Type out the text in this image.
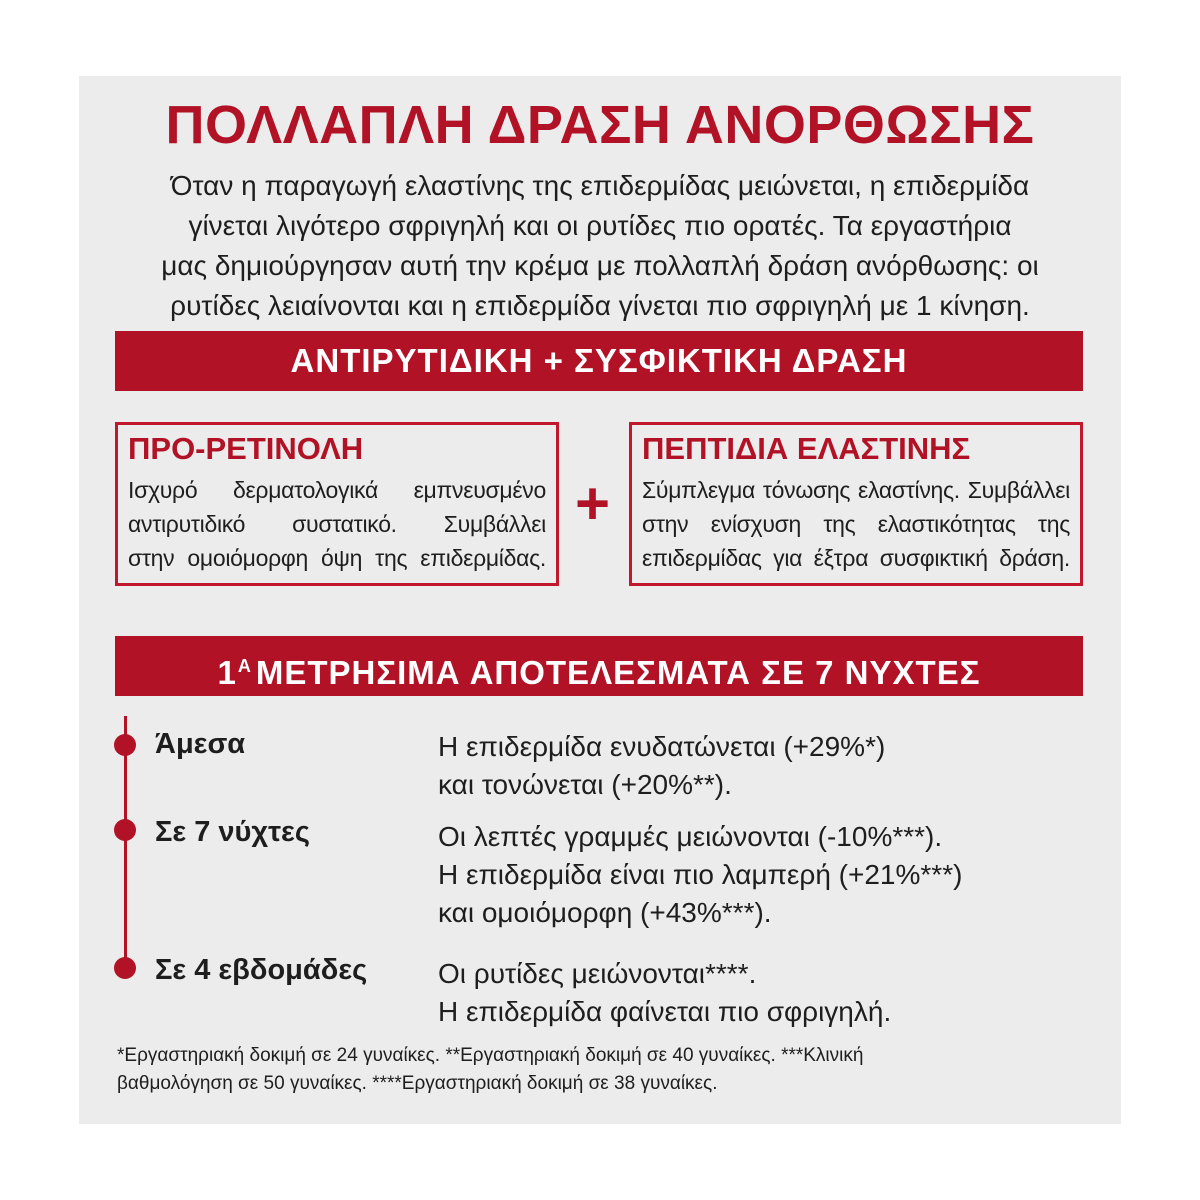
ΠΟΛΛΑΠΛΗ ΔΡΑΣΗ ΑΝΟΡΘΩΣΗΣ
Όταν η παραγωγή ελαστίνης της επιδερμίδας μειώνεται, η επιδερμίδα
γίνεται λιγότερο σφριγηλή και οι ρυτίδες πιο ορατές. Τα εργαστήρια
μας δημιούργησαν αυτή την κρέμα με πολλαπλή δράση ανόρθωσης: οι
ρυτίδες λειαίνονται και η επιδερμίδα γίνεται πιο σφριγηλή με 1 κίνηση.
ΑΝΤΙΡΥΤΙΔΙΚΗ + ΣΥΣΦΙΚΤΙΚΗ ΔΡΑΣΗ
ΠΡΟ-ΡΕΤΙΝΟΛΗ
Ισχυρό δερματολογικά εμπνευσμένο
αντιρυτιδικό συστατικό. Συμβάλλει
στην ομοιόμορφη όψη της επιδερμίδας.
+
ΠΕΠΤΙΔΙΑ ΕΛΑΣΤΙΝΗΣ
Σύμπλεγμα τόνωσης ελαστίνης. Συμβάλλει
στην ενίσχυση της ελαστικότητας της
επιδερμίδας για έξτρα συσφικτική δράση.
$1^A$ ΜΕΤΡΗΣΙΜΑ ΑΠΟΤΕΛΕΣΜΑΤΑ ΣΕ 7 ΝΥΧΤΕΣ
Άμεσα	Η επιδερμίδα ενυδατώνεται (+29%*)
και τονώνεται (+20%**).
Σε 7 νύχτες	Οι λεπτές γραμμές μειώνονται (-10%***).
Η επιδερμίδα είναι πιο λαμπερή (+21%***)
και ομοιόμορφη (+43%***).
Σε 4 εβδομάδες	Οι ρυτίδες μειώνονται****.
Η επιδερμίδα φαίνεται πιο σφριγηλή.
*Εργαστηριακή δοκιμή σε 24 γυναίκες. **Εργαστηριακή δοκιμή σε 40 γυναίκες. ***Κλινική
βαθμολόγηση σε 50 γυναίκες. ****Εργαστηριακή δοκιμή σε 38 γυναίκες.
